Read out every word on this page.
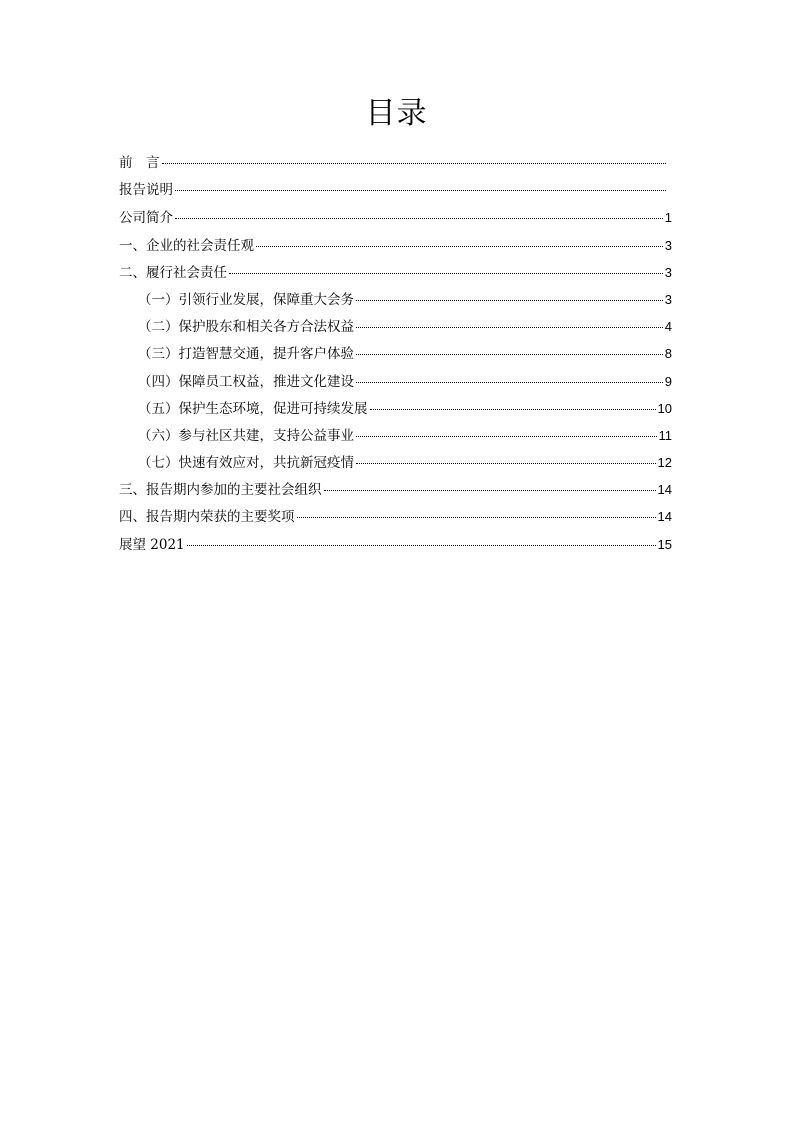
目录
前　言
报告说明
公司简介	1
一、企业的社会责任观	3
二、履行社会责任	3
（一）引领行业发展，保障重大会务	3
（二）保护股东和相关各方合法权益	4
（三）打造智慧交通，提升客户体验	8
（四）保障员工权益，推进文化建设	9
（五）保护生态环境，促进可持续发展	10
（六）参与社区共建，支持公益事业	11
（七）快速有效应对，共抗新冠疫情	12
三、报告期内参加的主要社会组织	14
四、报告期内荣获的主要奖项	14
展望 2021	15
